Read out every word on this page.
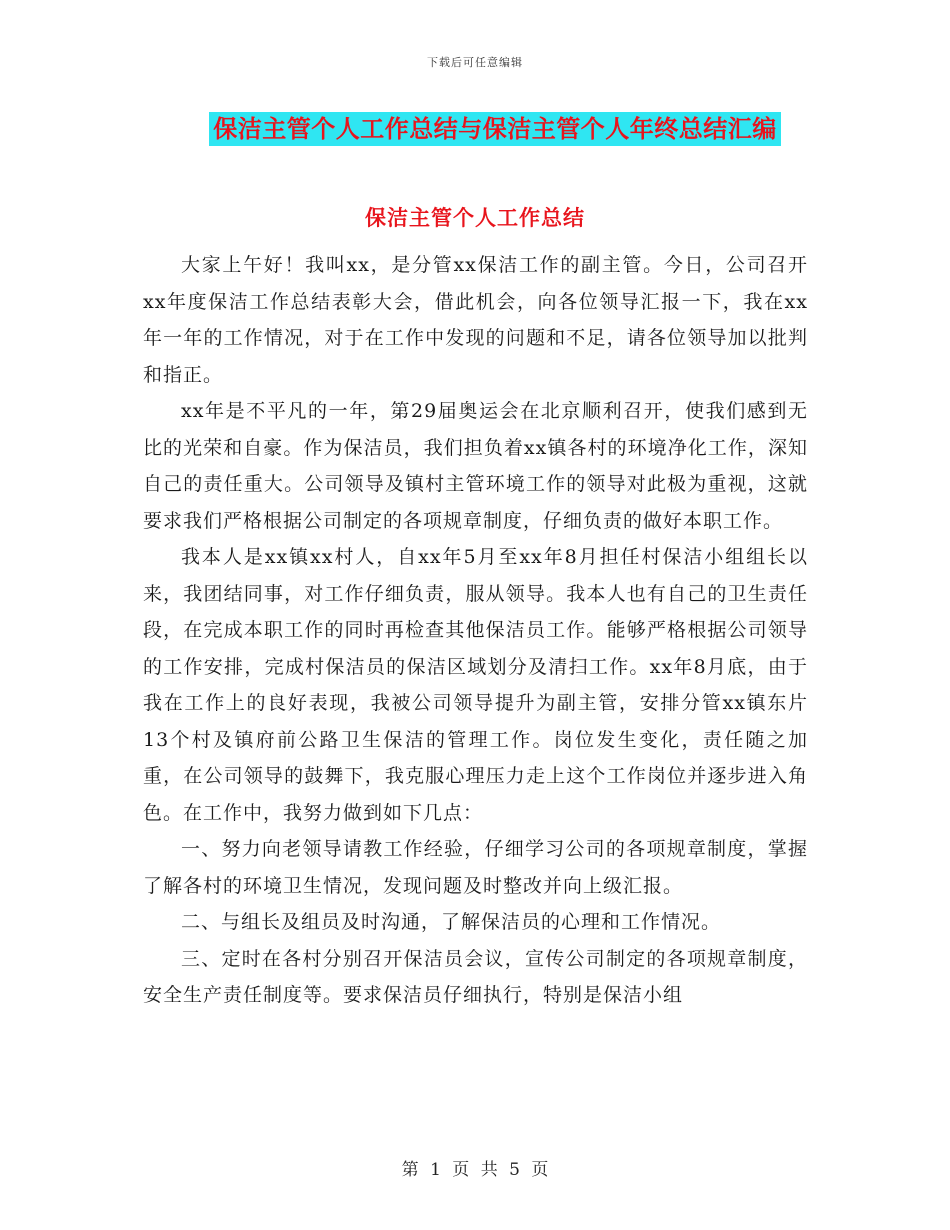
下载后可任意编辑
保洁主管个人工作总结与保洁主管个人年终总结汇编
保洁主管个人工作总结

大家上午好！我叫xx，是分管xx保洁工作的副主管。今日，公司召开xx年度保洁工作总结表彰大会，借此机会，向各位领导汇报一下，我在xx年一年的工作情况，对于在工作中发现的问题和不足，请各位领导加以批判和指正。

xx年是不平凡的一年，第29届奥运会在北京顺利召开，使我们感到无比的光荣和自豪。作为保洁员，我们担负着xx镇各村的环境净化工作，深知自己的责任重大。公司领导及镇村主管环境工作的领导对此极为重视，这就要求我们严格根据公司制定的各项规章制度，仔细负责的做好本职工作。

我本人是xx镇xx村人，自xx年5月至xx年8月担任村保洁小组组长以来，我团结同事，对工作仔细负责，服从领导。我本人也有自己的卫生责任段，在完成本职工作的同时再检查其他保洁员工作。能够严格根据公司领导的工作安排，完成村保洁员的保洁区域划分及清扫工作。xx年8月底，由于我在工作上的良好表现，我被公司领导提升为副主管，安排分管xx镇东片13个村及镇府前公路卫生保洁的管理工作。岗位发生变化，责任随之加重，在公司领导的鼓舞下，我克服心理压力走上这个工作岗位并逐步进入角色。在工作中，我努力做到如下几点：

一、努力向老领导请教工作经验，仔细学习公司的各项规章制度，掌握了解各村的环境卫生情况，发现问题及时整改并向上级汇报。

二、与组长及组员及时沟通，了解保洁员的心理和工作情况。

三、定时在各村分别召开保洁员会议，宣传公司制定的各项规章制度，安全生产责任制度等。要求保洁员仔细执行，特别是保洁小组

第 1 页 共 5 页
